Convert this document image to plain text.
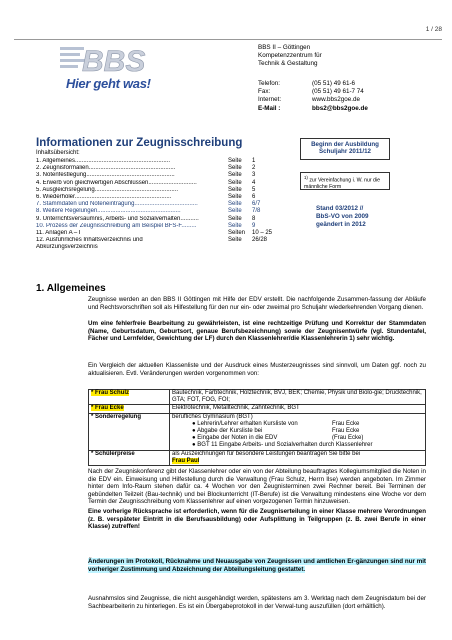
1 / 28
BBS
Hier geht was!
BBS II – Göttingen
Kompetenzzentrum für
Technik & Gestaltung
Telefon:	(05 51) 49 61-6
Fax:	(05 51) 49 61-7 74
Internet:	www.bbs2goe.de
E-Mail :	bbs2@bbs2goe.de
Informationen zur Zeugnisschreibung
Inhaltsübersicht:
1. Allgemeines.........................................................	Seite	1
2. Zeugnisformalien....................................................	Seite	2
3. Notenfestlegung.....................................................	Seite	3
4. Erwerb von gleichwertigen Abschlüssen.............................	Seite	4
5. Ausgleichsregelung..................................................	Seite	5
6. Wiederholer..........................................................	Seite	6
7. Stammdaten und Noteneintragung......................................	Seite	6/7
8. Weitere Regelungen..................................................	Seite	7/8
9. Unterrichtsversäumnis, Arbeits- und Sozialverhalten...........	Seite	8
10. Prozess der Zeugnisschreibung am Beispiel BFS-F.........	Seite	9
11. Anlagen A – I	Seiten	10 – 25
12. Ausführliches Inhaltsverzeichnis und	Seite	26/28
Abkürzungsverzeichnis
Beginn der Ausbildung Schuljahr 2011/12
$^{1)}$ zur Vereinfachung i. W. nur die männliche Form
Stand 03/2012 //
BbS-VO von 2009
geändert in 2012
1. Allgemeines
Zeugnisse werden an den BBS II Göttingen mit Hilfe der EDV erstellt. Die nachfolgende Zusammen-fassung der Abläufe und Rechtsvorschriften soll als Hilfestellung für den nur ein- oder zweimal pro Schuljahr wiederkehrenden Vorgang dienen.
Um eine fehlerfreie Bearbeitung zu gewährleisten, ist eine rechtzeitige Prüfung und Korrektur der Stammdaten (Name, Geburtsdatum, Geburtsort, genaue Berufsbezeichnung) sowie der Zeugnisentwürfe (vgl. Stundentafel, Fächer und Lernfelder, Gewichtung der LF) durch den Klassenlehrer/die Klassenlehrerin 1) sehr wichtig.
Ein Vergleich der aktuellen Klassenliste und der Ausdruck eines Musterzeugnisses sind sinnvoll, um Daten ggf. noch zu aktualisieren. Evtl. Veränderungen werden vorgenommen von:
* Frau Schulz	Bautechnik, Farbtechnik, Holztechnik, BVJ, BEK; Chemie, Physik und Biolo-gie; Drucktechnik, GTA; FOT, FOG, FOI;
* Frau Ecke	Elektrotechnik, Metalltechnik, Zahntechnik, BGT
* Sonderregelung	berufliches Gymnasium (BGT)
● Lehrerin/Lehrer erhalten Kursliste von Frau Ecke
● Abgabe der Kursliste bei Frau Ecke
● Eingabe der Noten in die EDV (Frau Ecke)
● BGT 11 Eingabe Arbeits- und Sozialverhalten durch Klassenlehrer

* Schülerpreise	als Auszeichnungen für besondere Leistungen beantragen Sie bitte bei
Frau Paul
Nach der Zeugniskonferenz gibt der Klassenlehrer oder ein von der Abteilung beauftragtes Kollegiumsmitglied die Noten in die EDV ein. Einweisung und Hilfestellung durch die Verwaltung (Frau Schulz, Herrn Ilse) werden angeboten. Im Zimmer hinter dem Info-Raum stehen dafür ca. 4 Wochen vor den Zeugnisterminen zwei Rechner bereit. Bei Terminen der gebündelten Teilzeit (Bau-technik) und bei Blockunterricht (IT-Berufe) ist die Verwaltung mindestens eine Woche vor dem Termin der Zeugnisschreibung vom Klassenlehrer auf einen vorgezogenen Termin hinzuweisen.
Eine vorherige Rücksprache ist erforderlich, wenn für die Zeugniserteilung in einer Klasse mehrere Verordnungen (z. B. verspäteter Eintritt in die Berufsausbildung) oder Aufsplittung in Teilgruppen (z. B. zwei Berufe in einer Klasse) zutreffen!
Änderungen im Protokoll, Rücknahme und Neuausgabe von Zeugnissen und amtlichen Er-gänzungen sind nur mit vorheriger Zustimmung und Abzeichnung der Abteilungsleitung gestattet.
Ausnahmslos sind Zeugnisse, die nicht ausgehändigt werden, spätestens am 3. Werktag nach dem Zeugnisdatum bei der Sachbearbeiterin zu hinterlegen. Es ist ein Übergabeprotokoll in der Verwal-tung auszufüllen (dort erhältlich).
